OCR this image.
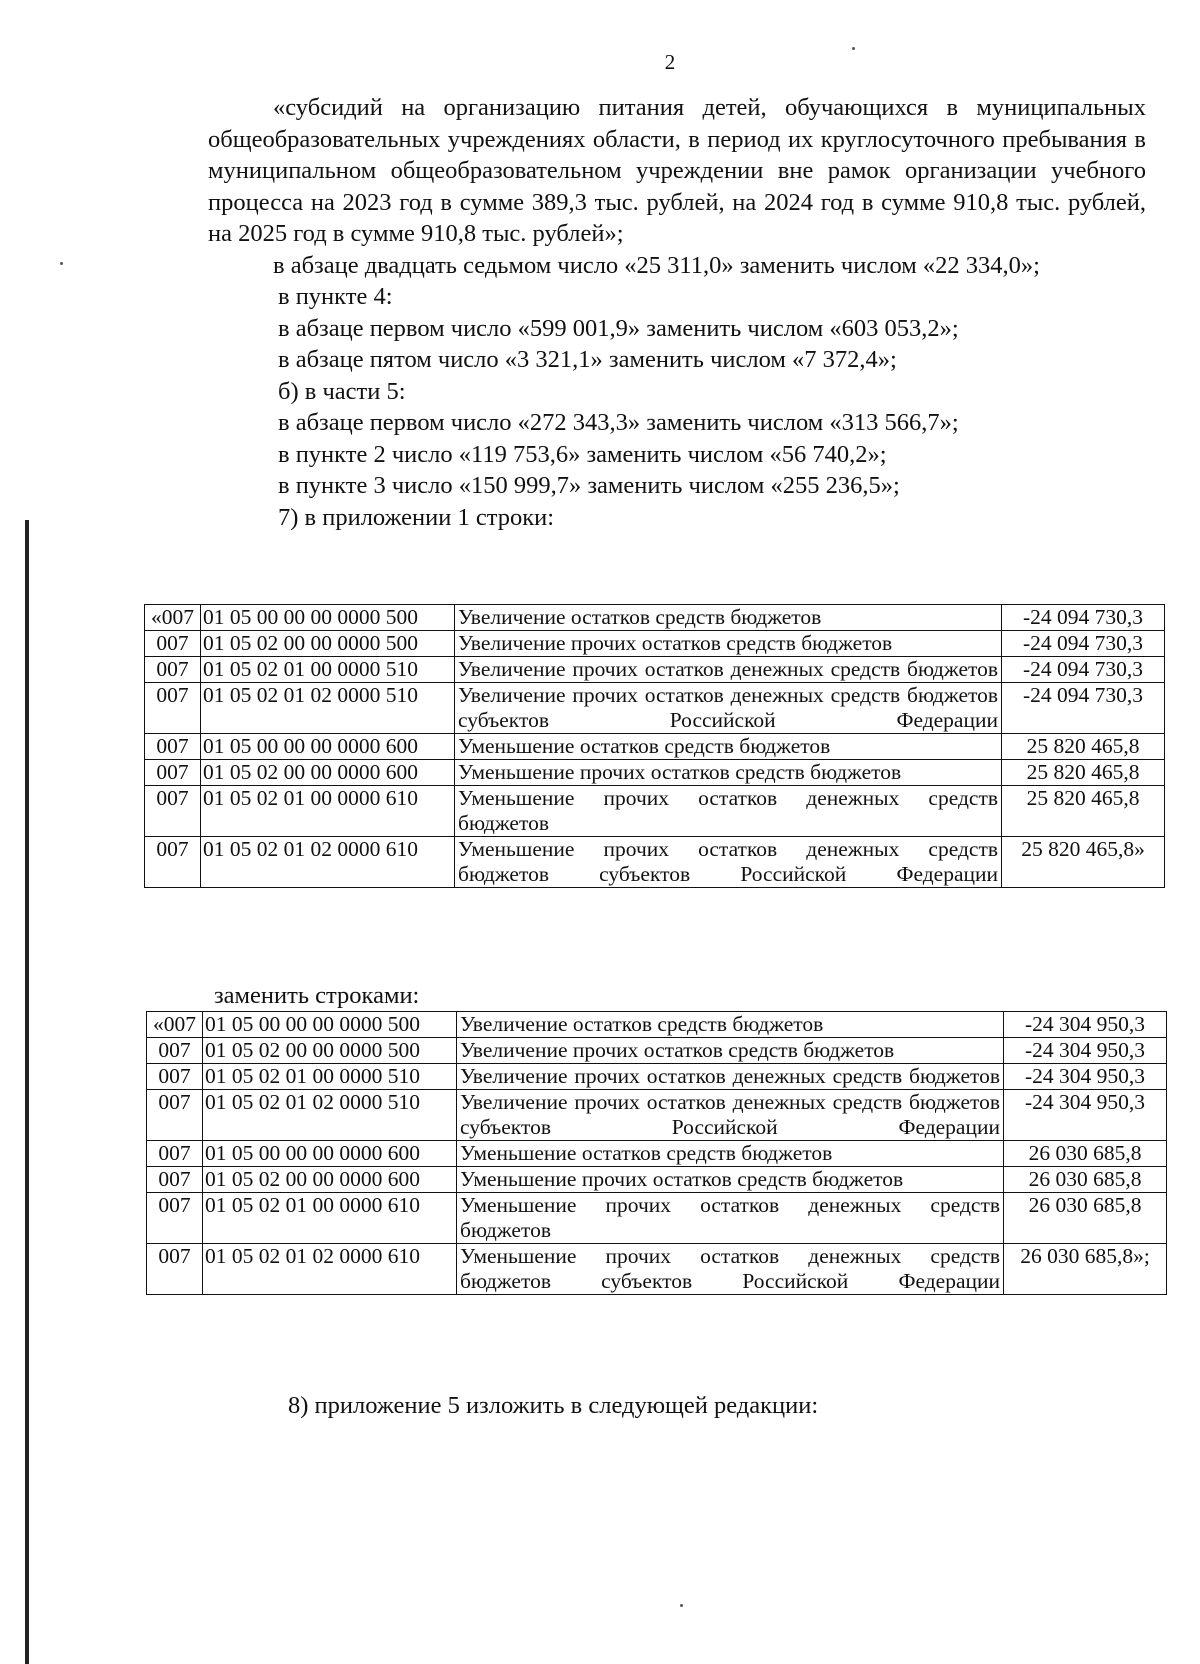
2

«субсидий на организацию питания детей, обучающихся в муниципальных общеобразовательных учреждениях области, в период их круглосуточного пребывания в муниципальном общеобразовательном учреждении вне рамок организации учебного процесса на 2023 год в сумме 389,3 тыс. рублей, на 2024 год в сумме 910,8 тыс. рублей, на 2025 год в сумме 910,8 тыс. рублей»;

в абзаце двадцать седьмом число «25 311,0» заменить числом «22 334,0»;

в пункте 4:

в абзаце первом число «599 001,9» заменить числом «603 053,2»;

в абзаце пятом число «3 321,1» заменить числом «7 372,4»;

б) в части 5:

в абзаце первом число «272 343,3» заменить числом «313 566,7»;

в пункте 2 число «119 753,6» заменить числом «56 740,2»;

в пункте 3 число «150 999,7» заменить числом «255 236,5»;

7) в приложении 1 строки:

«007	01 05 00 00 00 0000 500	Увеличение остатков средств бюджетов	-24 094 730,3
007	01 05 02 00 00 0000 500	Увеличение прочих остатков средств бюджетов	-24 094 730,3
007	01 05 02 01 00 0000 510	Увеличение прочих остатков денежных средств бюджетов	-24 094 730,3
007	01 05 02 01 02 0000 510	Увеличение прочих остатков денежных средств бюджетов субъектов Российской Федерации	-24 094 730,3
007	01 05 00 00 00 0000 600	Уменьшение остатков средств бюджетов	25 820 465,8
007	01 05 02 00 00 0000 600	Уменьшение прочих остатков средств бюджетов	25 820 465,8
007	01 05 02 01 00 0000 610	Уменьшение прочих остатков денежных средств бюджетов	25 820 465,8
007	01 05 02 01 02 0000 610	Уменьшение прочих остатков денежных средств бюджетов субъектов Российской Федерации	25 820 465,8»
заменить строками:
«007	01 05 00 00 00 0000 500	Увеличение остатков средств бюджетов	-24 304 950,3
007	01 05 02 00 00 0000 500	Увеличение прочих остатков средств бюджетов	-24 304 950,3
007	01 05 02 01 00 0000 510	Увеличение прочих остатков денежных средств бюджетов	-24 304 950,3
007	01 05 02 01 02 0000 510	Увеличение прочих остатков денежных средств бюджетов субъектов Российской Федерации	-24 304 950,3
007	01 05 00 00 00 0000 600	Уменьшение остатков средств бюджетов	26 030 685,8
007	01 05 02 00 00 0000 600	Уменьшение прочих остатков средств бюджетов	26 030 685,8
007	01 05 02 01 00 0000 610	Уменьшение прочих остатков денежных средств бюджетов	26 030 685,8
007	01 05 02 01 02 0000 610	Уменьшение прочих остатков денежных средств бюджетов субъектов Российской Федерации	26 030 685,8»;
8) приложение 5 изложить в следующей редакции:
